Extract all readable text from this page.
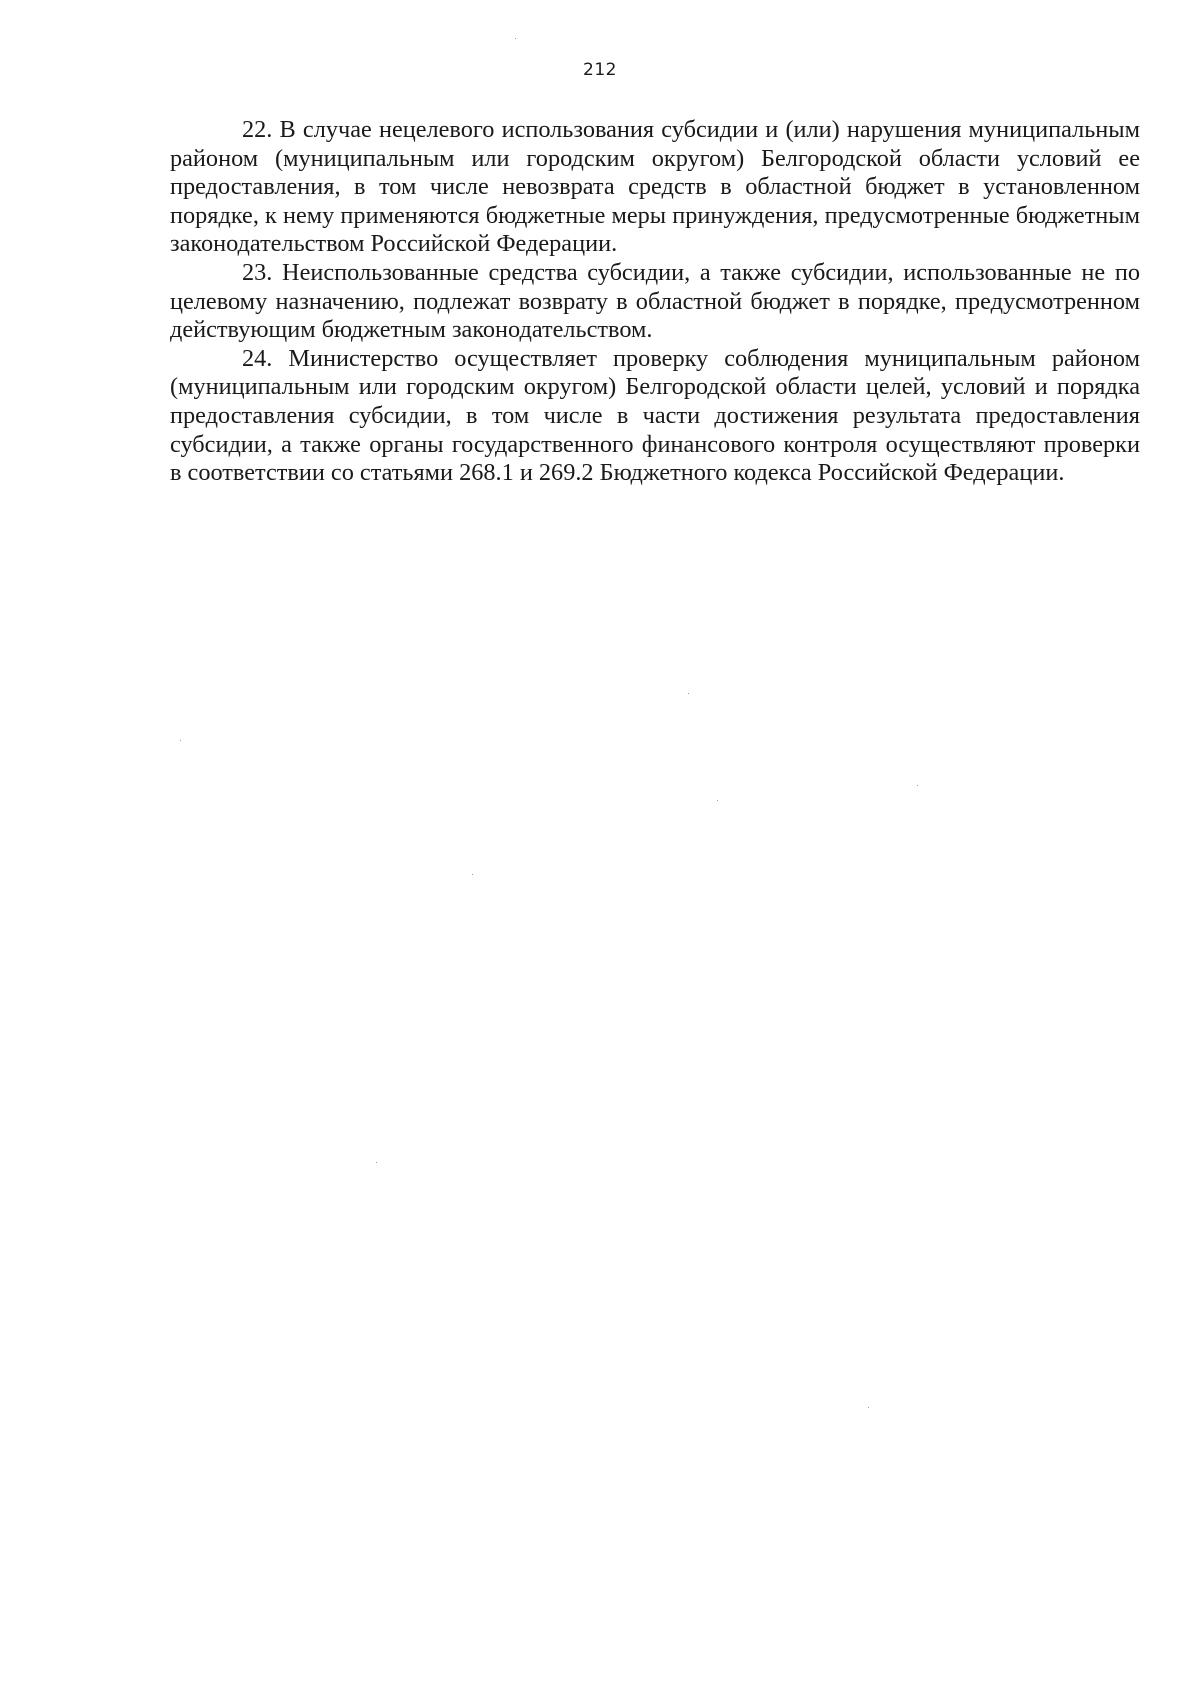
212

22. В случае нецелевого использования субсидии и (или) нарушения муниципальным районом (муниципальным или городским округом) Белгородской области условий ее предоставления, в том числе невозврата средств в областной бюджет в установленном порядке, к нему применяются бюджетные меры принуждения, предусмотренные бюджетным законодательством Российской Федерации.

23. Неиспользованные средства субсидии, а также субсидии, использованные не по целевому назначению, подлежат возврату в областной бюджет в порядке, предусмотренном действующим бюджетным законодательством.

24. Министерство осуществляет проверку соблюдения муниципальным районом (муниципальным или городским округом) Белгородской области целей, условий и порядка предоставления субсидии, в том числе в части достижения результата предоставления субсидии, а также органы государственного финансового контроля осуществляют проверки в соответствии со статьями 268.1 и 269.2 Бюджетного кодекса Российской Федерации.
